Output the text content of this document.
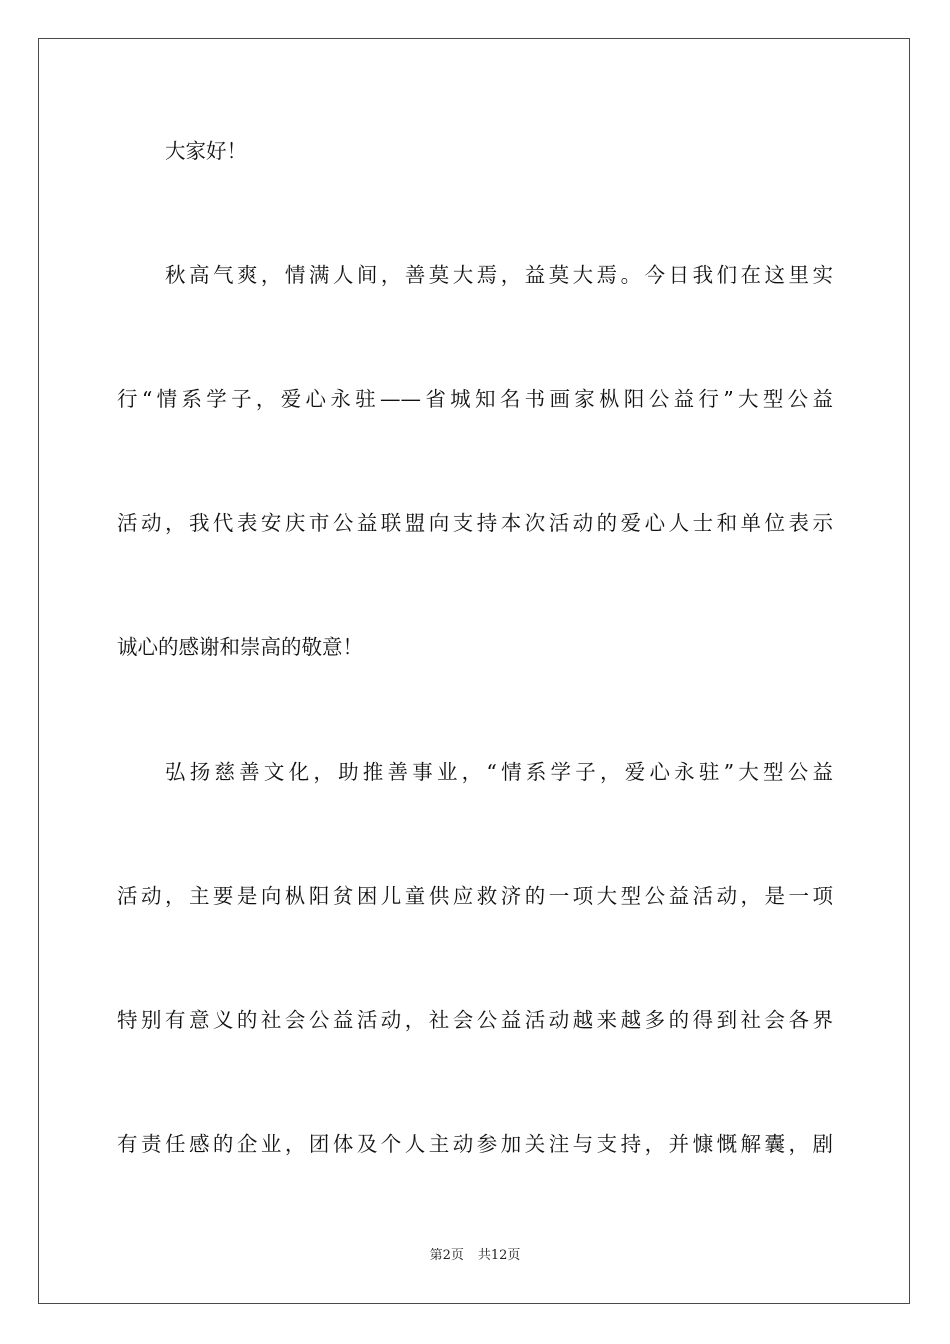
大家好！

秋高气爽，情满人间，善莫大焉，益莫大焉。今日我们在这里实

行“情系学子，爱心永驻——省城知名书画家枞阳公益行”大型公益

活动，我代表安庆市公益联盟向支持本次活动的爱心人士和单位表示

诚心的感谢和崇高的敬意！

弘扬慈善文化，助推善事业，“情系学子，爱心永驻”大型公益

活动，主要是向枞阳贫困儿童供应救济的一项大型公益活动，是一项

特别有意义的社会公益活动，社会公益活动越来越多的得到社会各界

有责任感的企业，团体及个人主动参加关注与支持，并慷慨解囊，剧

第2页 共12页
